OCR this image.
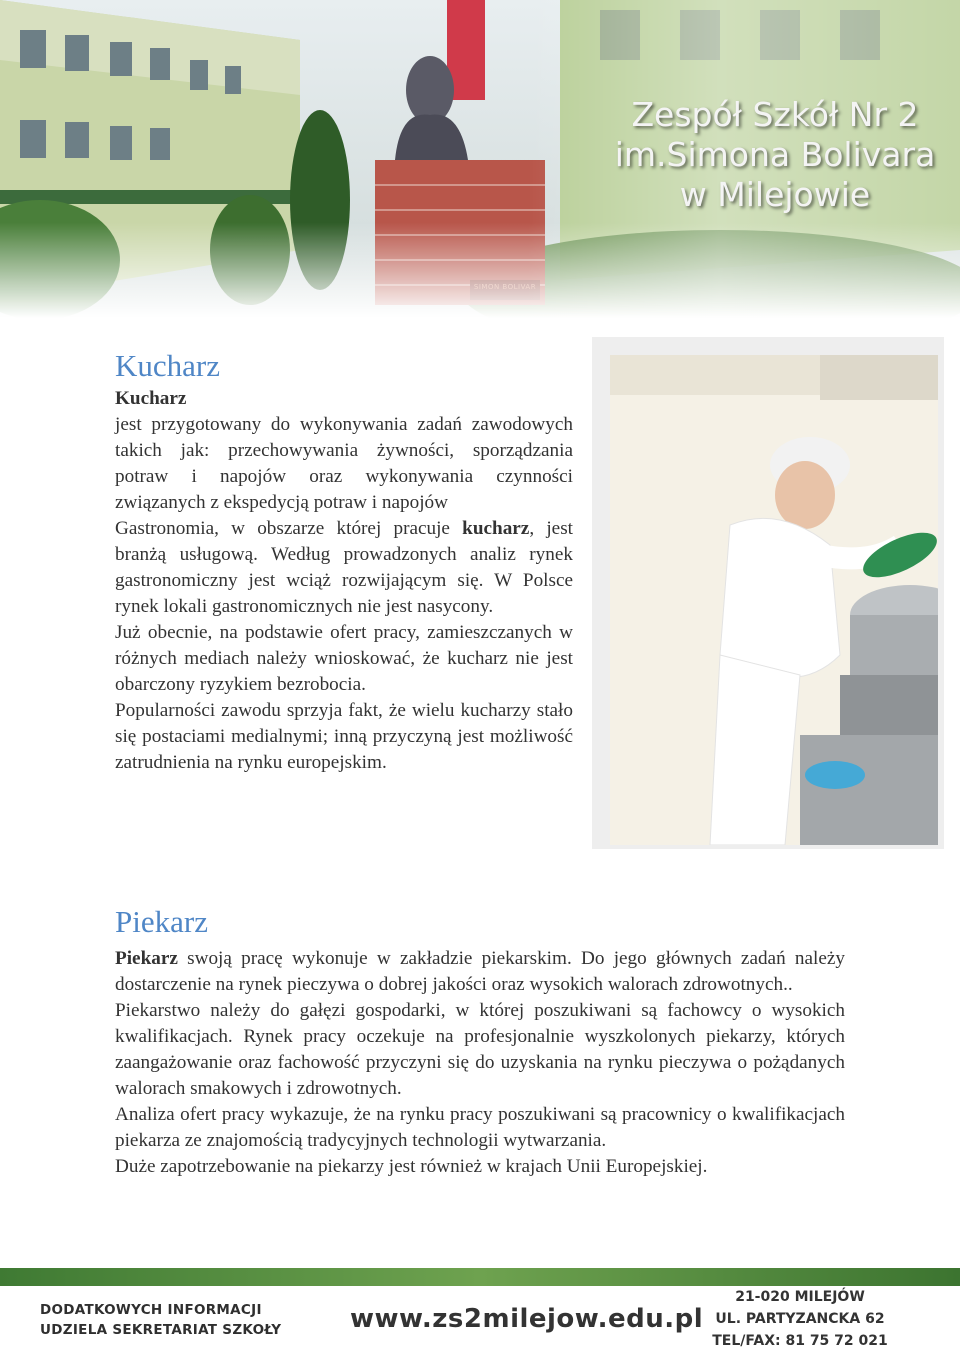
Zespół Szkół Nr 2
im.Simona Bolivara
w Milejowie
SIMON BOLIVAR
Kucharz

Kucharz

jest przygotowany do wykonywania zadań zawodowych takich jak: przechowywania żywności, sporządzania potraw i napojów oraz wykonywania czynności związanych z ekspedycją potraw i napojów

Gastronomia, w obszarze której pracuje kucharz, jest branżą usługową. Według prowadzonych analiz rynek gastronomiczny jest wciąż rozwijającym się. W Polsce rynek lokali gastronomicznych nie jest nasycony.

Już obecnie, na podstawie ofert pracy, zamieszczanych w różnych mediach należy wnioskować, że kucharz nie jest obarczony ryzykiem bezrobocia.

Popularności zawodu sprzyja fakt, że wielu kucharzy stało się postaciami medialnymi; inną przyczyną jest możliwość zatrudnienia na rynku europejskim.

Piekarz

Piekarz swoją pracę wykonuje w zakładzie piekarskim. Do jego głównych zadań należy dostarczenie na rynek pieczywa o dobrej jakości oraz wysokich walorach zdrowotnych..

Piekarstwo należy do gałęzi gospodarki, w której poszukiwani są fachowcy o wysokich kwalifikacjach. Rynek pracy oczekuje na profesjonalnie wyszkolonych piekarzy, których zaangażowanie oraz fachowość przyczyni się do uzyskania na rynku pieczywa o pożądanych walorach smakowych i zdrowotnych.

Analiza ofert pracy wykazuje, że na rynku pracy poszukiwani są pracownicy o kwalifikacjach piekarza ze znajomością tradycyjnych technologii wytwarzania.

Duże zapotrzebowanie na piekarzy jest również w krajach Unii Europejskiej.

DODATKOWYCH INFORMACJI
UDZIELA SEKRETARIAT SZKOŁY	www.zs2milejow.edu.pl
21-020 MILEJÓW
UL. PARTYZANCKA 62
TEL/FAX: 81 75 72 021
